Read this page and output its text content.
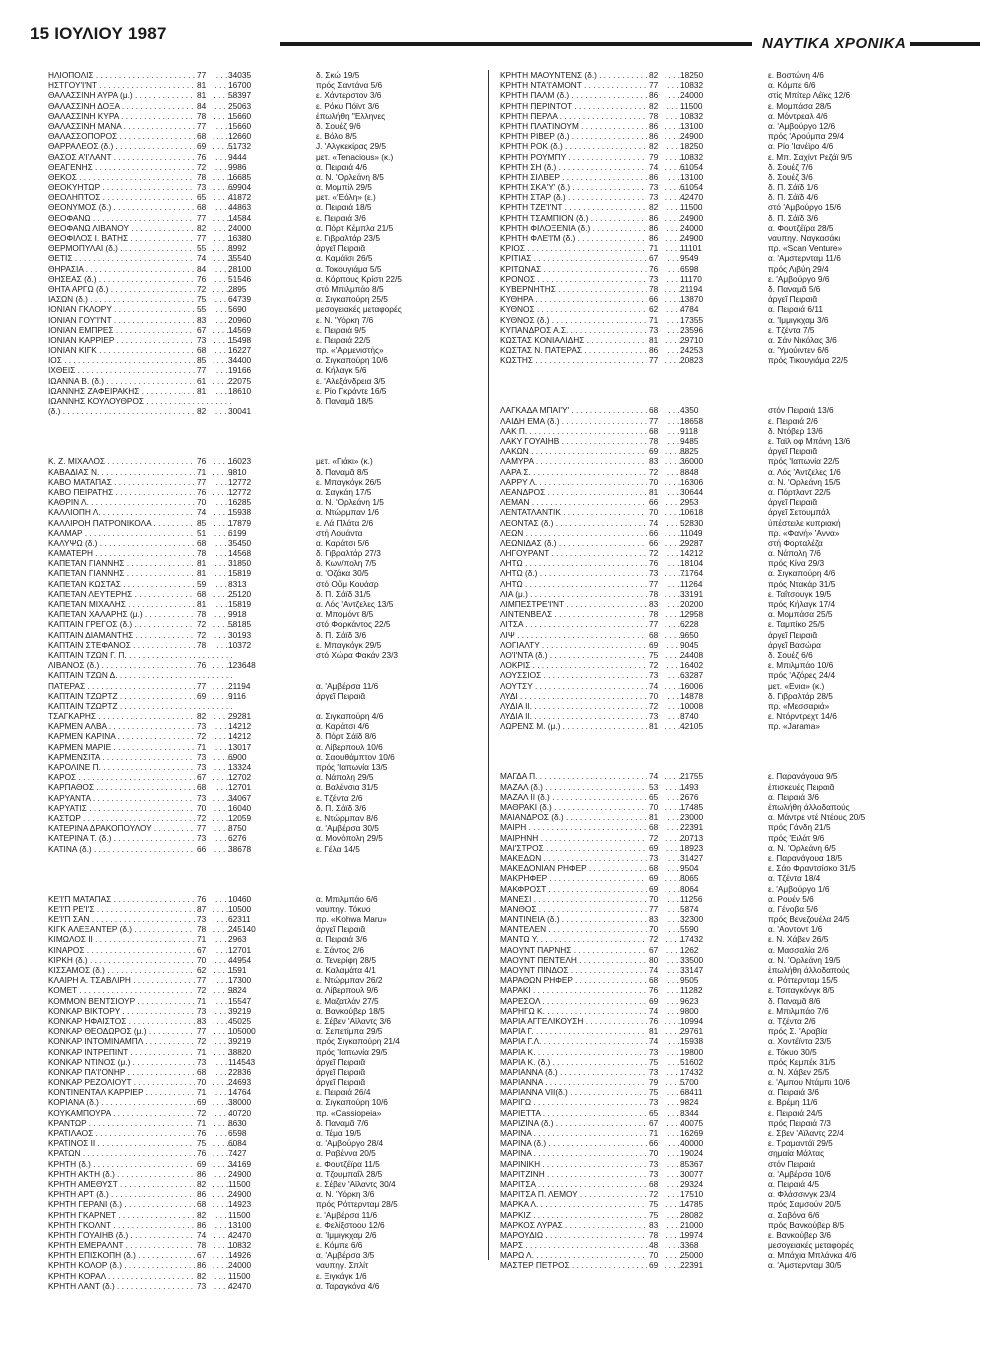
15 ΙΟΥΛΙΟΥ 1987
ΝΑΥΤΙΚΑ ΧΡΟΝΙΚΑ
ΗΛΙΟΠΟΛΙΣ . . .	77	34035	δ. Σκώ 19/5
ΗΣΤΓΟΥ'Ι'ΝΤ . . .	81	16700	πρός Σαντάνα 5/6
ΘΑΛΑΣΣΙΝΗ ΑΥΡΑ (μ.) . . .	81	58397	ε. Χάντερστον 3/6
ΘΑΛΑΣΣΙΝΗ ΔΟΞΑ . . .	84	25063	ε. Ρόκυ Πόϊντ 3/6
ΘΑΛΑΣΣΙΝΗ ΚΥΡΑ . . .	78	15660	ἐπωλήθη "Ελληνες
ΘΑΛΑΣΣΙΝΗ ΜΑΝΑ . . .	77	15660	δ. Σουέζ 9/6
ΘΑΛΑΣΣΟΠΟΡΟΣ . . .	68	12660	ε. Βόλο 8/5
ΘΑΡΡΑΛΕΟΣ (δ.) . . .	69	51732	J. 'Αλγκεκίρας 29/5
ΘΑΣΟΣ Α'Ι'ΛΑΝΤ . . .	76	9444	μετ. «Tenacious» (κ.)
ΘΕΑΓΕΝΗΣ . . .	72	9986	α. Πειραιά 4/6
ΘΕΚΟΣ . . .	78	16685	α. Ν. 'Ορλεάνη 8/5
ΘΕΟΚΥΗΤΩΡ . . .	73	69904	α. Μομπίλ 29/5
ΘΕΟΛΗΠΤΟΣ . . .	65	41872	μετ. «'Εόλη» (ε.)
ΘΕΟΝΥΜΟΣ (δ.) . . .	68	44863	α. Πειραιά 18/5
ΘΕΟΦΑΝΩ . . .	77	14584	ε. Πειραιά 3/6
ΘΕΟΦΑΝΩ ΛΙΒΑΝΟΥ . . .	82	24000	α. Πόρτ Κέμπλα 21/5
ΘΕΟΦΙΛΟΣ Ι. ΒΑΤΗΣ . . .	77	16380	ε. Γιβραλτάρ 23/5
ΘΕΡΜΟΠΥΛΑΙ (δ.) . . .	55	8992	ἀργεῖ Πειραιᾶ
ΘΕΤΙΣ . . .	74	35540	α. Καμάϊσι 26/5
ΘΗΡΑΣΙΑ . . .	84	28100	α. Τοκουγιάμα 5/5
ΘΗΣΕΑΣ (δ.) . . .	76	51546	α. Κόρπους Κρίστι 22/5
ΘΗΤΑ ΑΡΓΩ (δ.) . . .	72	2895	στό Μπιλμπάο 8/5
ΙΑΣΩΝ (δ.) . . .	75	64739	α. Σιγκαπούρη 25/5
ΙΟΝΙΑΝ ΓΚΛΟΡΥ . . .	55	5690	μεσογειακές μεταφορές
ΙΟΝΙΑΝ ΓΟΥ'Ι'ΝΤ . . .	83	20960	ε. Ν. 'Υόρκη 7/6
ΙΟΝΙΑΝ ΕΜΠΡΕΣ . . .	67	14569	ε. Πειραιά 9/5
ΙΟΝΙΑΝ ΚΑΡΡΙΕΡ . . .	73	15498	ε. Πειραιά 22/5
ΙΟΝΙΑΝ ΚΙΓΚ . . .	68	16227	πρ. «'Αρμενιστής»
ΙΟΣ . . .	85	34400	α. Σιγκαπούρη 10/6
ΙΧΘΕΙΣ . . .	77	19166	α. Κήλαγκ 5/6
ΙΩΑΝΝΑ Β. (δ.) . . .	61	22075	ε. 'Αλεξάνδρεια 3/5
ΙΩΑΝΝΗΣ ΖΑΦΕΙΡΑΚΗΣ . . .	81	18610	ε. Ρίο Γκράντε 16/5
ΙΩΑΝΝΗΣ ΚΟΥΛΟΥΘΡΟΣ . . .	δ. Παναμᾶ 18/5
(δ.) . . .	82	30041
Κ. Ζ. ΜΙΧΑΛΟΣ . . .	76	16023	μετ. «Γιάκι» (κ.)
ΚΑΒΑΔΙΑΣ Ν. . . .	71	9810	δ. Παναμᾶ 8/5
ΚΑΒΟ ΜΑΤΑΠΑΣ . . .	77	12772	ε. Μπαγκόγκ 26/5
ΚΑΒΟ ΠΕΙΡΑΤΗΣ . . .	76	12772	α. Σαγκάη 17/5
ΚΑΘΡΙΝ Λ. . . .	70	16285	α. Ν. 'Ορλεάνη 1/5
ΚΑΛΛΙΟΠΗ Λ. . . .	74	15938	α. Ντώρμπαν 1/6
ΚΑΛΛΙΡΟΗ ΠΑΤΡΟΝΙΚΟΛΑ . . .	85	17879	ε. Λά Πλάτα 2/6
ΚΑΛΜΑΡ . . .	51	6199	στή Λουάντα
ΚΑΛΥΨΩ (δ.) . . .	68	35450	α. Καράτσι 5/6
ΚΑΜΑΤΕΡΗ . . .	78	14568	δ. Γιβραλτάρ 27/3
ΚΑΠΕΤΑΝ ΓΙΑΝΝΗΣ . . .	81	31850	δ. Κων/πολη 7/5
ΚΑΠΕΤΑΝ ΓΙΑΝΝΗΣ . . .	81	15819	α. 'Οζάκα 30/5
ΚΑΠΕΤΑΝ ΚΩΣΤΑΣ . . .	59	8313	στό Οὔμ Κουάσρ
ΚΑΠΕΤΑΝ ΛΕΥΤΕΡΗΣ . . .	68	25120	δ. Π. Σάϊδ 31/5
ΚΑΠΕΤΑΝ ΜΙΧΑΛΗΣ . . .	81	15819	α. Λός 'Αντζελες 13/5
ΚΑΠΕΤΑΝ ΧΑΛΑΡΗΣ (μ.) . . .	78	9918	α. Μπομόντ 8/5
ΚΑΠΤΑΙΝ ΓΡΕΓΟΣ (δ.) . . .	72	58185	στό Φορκάντος 22/5
ΚΑΠΤΑΙΝ ΔΙΑΜΑΝΤΗΣ . . .	72	30193	δ. Π. Σάϊδ 3/6
ΚΑΠΤΑΙΝ ΣΤΕΦΑΝΟΣ . . .	78	10372	ε. Μπαγκόγκ 29/5
ΚΑΠΤΑΙΝ ΤΖΩΝ Γ. Π. . . .	στό Χώρα Φακάν 23/3
ΛΙΒΑΝΟΣ (δ.) . . .	76	123648
ΚΑΠΤΑΙΝ ΤΖΩΝ Δ. . . .
ΠΑΤΕΡΑΣ . . .	77	21194	α. 'Αμβέρσα 11/6
ΚΑΠΤΑΙΝ ΤΖΩΡΤΖ . . .	69	9116	ἀργεῖ Πειραιᾶ
ΚΑΠΤΑΙΝ ΤΖΩΡΤΖ . . .
ΤΣΑΓΚΑΡΗΣ . . .	82	29281	α. Σιγκαπούρη 4/6
ΚΑΡΜΕΝ ΑΛΒΑ . . .	73	14212	α. Καράτσι 4/6
ΚΑΡΜΕΝ ΚΑΡΙΝΑ . . .	72	14212	δ. Πόρτ Σάϊδ 8/6
ΚΑΡΜΕΝ ΜΑΡΙΕ . . .	71	13017	α. Λίβερπουλ 10/6
ΚΑΡΜΕΝΣΙΤΑ . . .	73	6900	α. Σαουθάμπτον 10/6
ΚΑΡΟΛΙΝΕ Π. . . .	73	13324	πρός 'Ιαπωνία 13/5
ΚΑΡΟΣ . . .	67	12702	α. Νάπολη 29/5
ΚΑΡΠΑΘΟΣ . . .	68	12701	α. Βαλένσια 31/5
ΚΑΡΥΑΝΤΑ . . .	73	34067	ε. Τζέντα 2/6
ΚΑΡΥΑΤΙΣ . . .	70	16040	δ. Π. Σάϊδ 3/6
ΚΑΣΤΩΡ . . .	72	12059	ε. Ντώρμπαν 8/6
ΚΑΤΕΡΙΝΑ ΔΡΑΚΟΠΟΥΛΟΥ . . .	77	8750	α. 'Αμβέρσα 30/5
ΚΑΤΕΡΙΝΑ Τ. (δ.) . . .	73	6276	α. Μονόπολη 29/5
ΚΑΤΙΝΑ (δ.) . . .	66	38678	ε. Γέλα 14/5
ΚΕ'Ι'Π ΜΑΤΑΠΑΣ . . .	76	10460	α. Μπιλμπάο 6/6
ΚΕ'Ι'Π ΡΕ'Ι'Σ . . .	87	10500	ναυπηγ. Τόκυο
ΚΕ'Ι'Π ΣΑΝ . . .	73	62311	πρ. «Kohwa Maru»
ΚΙΓΚ ΑΛΕΞΑΝΤΕΡ (δ.) . . .	78	245140	ἀργεῖ Πειραιᾶ
ΚΙΜΩΛΟΣ ΙΙ . . .	71	2963	α. Πειραιά 3/6
ΚΙΝΑΡΟΣ . . .	67	12701	ε. Σάντος 2/6
ΚΙΡΚΗ (δ.) . . .	70	44954	α. Τενερίφη 28/5
ΚΙΣΣΑΜΟΣ (δ.) . . .	62	1591	α. Καλαμάτα 4/1
ΚΛΑΙΡΗ Α. ΤΣΑΒΛΙΡΗ . . .	77	17300	ε. Ντώρμπαν 26/2
ΚΟΜΕΤ . . .	72	9824	α. Λίβερπουλ 9/6
ΚΟΜΜΟΝ ΒΕΝΤΣΙΟΥΡ . . .	71	15547	ε. Μαζατλάν 27/5
ΚΟΝΚΑΡ ΒΙΚΤΟΡΥ . . .	73	39219	α. Βανκούβερ 18/5
ΚΟΝΚΑΡ ΗΦΑΙΣΤΟΣ . . .	83	45025	ε. Σέβεν 'Αϊλαντς 3/6
ΚΟΝΚΑΡ ΘΕΟΔΩΡΟΣ (μ.) . . .	77	105000	α. Σεπετίμπα 29/5
ΚΟΝΚΑΡ ΙΝΤΟΜΙΝΑΜΠΛ . . .	72	39219	πρός Σιγκαπούρη 21/4
ΚΟΝΚΑΡ ΙΝΤΡΕΠΙΝΤ . . .	71	38820	πρός 'Ιαπωνία 29/5
ΚΟΝΚΑΡ ΝΤΙΝΟΣ (μ.) . . .	73	114543	ἀργεῖ Πειραιᾶ
ΚΟΝΚΑΡ ΠΑ'Ι'ΟΝΗΡ . . .	68	22836	ἀργεῖ Πειραιᾶ
ΚΟΝΚΑΡ ΡΕΖΟΛΙΟΥΤ . . .	70	24693	ἀργεῖ Πειραιᾶ
ΚΟΝΤΙΝΕΝΤΑΛ ΚΑΡΡΙΕΡ . . .	71	14764	ε. Πειραιά 26/4
ΚΟΡΙΑΝΑ (δ.) . . .	69	38000	α. Σιγκαπούρη 10/6
ΚΟΥΚΑΜΠΟΥΡΑ . . .	72	40720	πρ. «Cassiopeia»
ΚΡΑΝΤΩΡ . . .	71	8630	δ. Παναμᾶ 7/6
ΚΡΑΤΙΛΑΟΣ . . .	76	6598	α. Τέμα 19/5
ΚΡΑΤΙΝΟΣ ΙΙ . . .	75	6084	α. 'Αμβούργο 28/4
ΚΡΑΤΩΝ . . .	76	7427	α. Ραβέννα 20/5
ΚΡΗΤΗ (δ.) . . .	69	34169	ε. Φουτζέϊρα 11/5
ΚΡΗΤΗ ΑΚΤΗ (δ.) . . .	86	24900	α. Τζουμπαΐλ 28/5
ΚΡΗΤΗ ΑΜΕΘΥΣΤ . . .	82	11500	ε. Σέβεν 'Αϊλαντς 30/4
ΚΡΗΤΗ ΑΡΤ (δ.) . . .	86	24900	α. Ν. 'Υόρκη 3/6
ΚΡΗΤΗ ΓΕΡΑΝΙ (δ.) . . .	68	14923	πρός Ρόττερνταμ 28/5
ΚΡΗΤΗ ΓΚΑΡΝΕΤ . . .	82	11500	ε. 'Αμβέρσα 11/6
ΚΡΗΤΗ ΓΚΟΛΝΤ . . .	86	13100	ε. Φελίξστοου 12/6
ΚΡΗΤΗ ΓΟΥΑΙΗΒ (δ.) . . .	74	42470	α. 'Ιμμιγκχαμ 2/6
ΚΡΗΤΗ ΕΜΕΡΑΛΝΤ . . .	78	10832	ε. Κόμπε 6/6
ΚΡΗΤΗ ΕΠΙΣΚΟΠΗ (δ.) . . .	67	14926	α. 'Αμβέρσα 3/5
ΚΡΗΤΗ ΚΟΛΟΡ (δ.) . . .	86	24000	ναυπηγ. Σπλίτ
ΚΡΗΤΗ ΚΟΡΑΛ . . .	82	11500	ε. Ξιγκάγκ 1/6
ΚΡΗΤΗ ΛΑΝΤ (δ.) . . .	73	42470	α. Ταραγκόνα 4/6
ΚΡΗΤΗ ΜΑΟΥΝΤΕΝΣ (δ.) . . .	82	18250	ε. Βοστώνη 4/6
ΚΡΗΤΗ ΝΤΑ'Ι'ΑΜΟΝΤ . . .	77	10832	α. Κόμπε 6/6
ΚΡΗΤΗ ΠΑΛΜ (δ.) . . .	86	24000	στίς Μπίτερ Λέϊκς 12/6
ΚΡΗΤΗ ΠΕΡΙΝΤΟΤ . . .	82	11500	ε. Μομπάσα 28/5
ΚΡΗΤΗ ΠΕΡΛΑ . . .	78	10832	α. Μόντρεαλ 4/6
ΚΡΗΤΗ ΠΛΑΤΙΝΟΥΜ . . .	86	13100	α. 'Αμβούργο 12/6
ΚΡΗΤΗ ΡΙΒΕΡ (δ.) . . .	86	24900	πρός 'Αρούμπα 29/4
ΚΡΗΤΗ ΡΟΚ (δ.) . . .	82	18250	α. Ρίο 'Ιανέϊρο 4/6
ΚΡΗΤΗ ΡΟΥΜΠΥ . . .	79	10832	ε. Μπ. Σαχίντ Ρεζάϊ 9/5
ΚΡΗΤΗ ΣΗ (δ.) . . .	74	61054	δ. Σουέζ 7/6
ΚΡΗΤΗ ΣΙΛΒΕΡ . . .	86	13100	δ. Σουέζ 3/6
ΚΡΗΤΗ ΣΚΑ'Υ' (δ.) . . .	73	61054	δ. Π. Σάϊδ 1/6
ΚΡΗΤΗ ΣΤΑΡ (δ.) . . .	73	42470	δ. Π. Σάϊδ 4/6
ΚΡΗΤΗ ΤΖΕ'Ι'ΝΤ . . .	82	11500	στό 'Αμβούργο 15/6
ΚΡΗΤΗ ΤΣΑΜΠΙΟΝ (δ.) . . .	86	24900	δ. Π. Σάϊδ 3/6
ΚΡΗΤΗ ΦΙΛΟΞΕΝΙΑ (δ.) . . .	86	24000	α. Φουτζέϊρα 28/5
ΚΡΗΤΗ ΦΛΕ'Ι'Μ (δ.) . . .	86	24900	ναυπηγ. Ναγκασάκι
ΚΡΙΟΣ . . .	71	11101	πρ. «Scan Venture»
ΚΡΙΤΙΑΣ . . .	67	9549	α. 'Αμστερνταμ 11/6
ΚΡΙΤΩΝΑΣ . . .	76	6598	πρός Λιβύη 29/4
ΚΡΟΝΟΣ . . .	73	11170	ε. 'Αμβούργο 9/6
ΚΥΒΕΡΝΗΤΗΣ . . .	78	21194	δ. Παναμᾶ 5/6
ΚΥΘΗΡΑ . . .	66	13870	ἀργεῖ Πειραιᾶ
ΚΥΘΝΟΣ . . .	62	4784	α. Πειραιά 6/11
ΚΥΘΝΟΣ (δ.) . . .	71	17355	α. 'Ιμμιγκχαμ 3/6
ΚΥΠΑΝΔΡΟΣ Α.Σ. . . .	73	23596	ε. Τζέντα 7/5
ΚΩΣΤΑΣ ΚΟΝΙΑΛΙΔΗΣ . . .	81	29710	α. Σάν Νικόλας 3/6
ΚΩΣΤΑΣ Ν. ΠΑΤΕΡΑΣ . . .	86	24253	α. 'Υμούιντεν 6/6
ΚΩΣΤΗΣ . . .	77	20823	πρός Τικουγιάμα 22/5
ΛΑΓΚΑΔΑ ΜΠΑΙ'Υ' . . .	68	4350	στόν Πειραιά 13/6
ΛΑΙΔΗ ΕΜΑ (δ.) . . .	77	18658	ε. Πειραιά 2/6
ΛΑΚ Π. . . .	68	9118	δ. Ντόβερ 13/6
ΛΑΚΥ ΓΟΥΑΙΗΒ . . .	78	9485	ε. Ταϊλ οφ Μπάνη 13/6
ΛΑΚΩΝ . . .	69	8825	ἀργεῖ Πειραιᾶ
ΛΑΜΥΡΑ . . .	83	36000	πρός 'Ιαπωνία 22/5
ΛΑΡΑ Σ. . . .	72	8848	α. Λός 'Αντζελες 1/6
ΛΑΡΡΥ Λ. . . .	70	16306	α. Ν. 'Ορλεάνη 15/5
ΛΕΑΝΔΡΟΣ . . .	81	30644	α. Πόρτλαντ 22/5
ΛΕΜΑΝ . . .	66	2953	ἀργεῖ Πειραιᾶ
ΛΕΝΤΑΤΛΑΝΤΙΚ . . .	70	10618	ἀργεῖ Σετουμπάλ
ΛΕΟΝΤΑΣ (δ.) . . .	74	52830	ὑπέστειλε κυπριακή
ΛΕΩΝ . . .	66	11049	πρ. «Φανή» 'Αννα»
ΛΕΩΝΙΔΑΣ (δ.) . . .	66	29287	στή Φορταλέζα
ΛΗΓΟΥΡΑΝΤ . . .	72	14212	α. Νάπολη 7/6
ΛΗΤΩ . . .	76	18104	πρός Κίνα 29/3
ΛΗΤΩ (δ.) . . .	73	71764	α. Σιγκαπούρη 4/6
ΛΗΤΩ . . .	77	11264	πρός Ντακάρ 31/5
ΛΙΑ (μ.) . . .	78	33191	ε. Ταΐτσουγκ 19/5
ΛΙΜΠΕΣΤΡΕ'Ι'ΝΤ . . .	83	20200	πρός Κήλαγκ 17/4
ΛΙΝΤΕΝΒΕΛΣ . . .	78	12958	α. Μομπάσα 25/5
ΛΙΤΣΑ . . .	77	6228	ε. Ταμπίκο 25/5
ΛΙΨ . . .	68	9650	ἀργεῖ Πειραιᾶ
ΛΟΓΙΑΛΤΥ . . .	69	9045	ἀργεῖ Βασώρα
ΛΟ'Ι'ΝΤΑ (δ.) . . .	75	24408	δ. Σουέζ 6/6
ΛΟΚΡΙΣ . . .	72	16402	ε. Μπιλμπάο 10/6
ΛΟΥΣΣΙΟΣ . . .	73	63287	πρός 'Αζόρες 24/4
ΛΟΥΤΣΥ . . .	74	16006	μετ. «Ενια» (κ.)
ΛΥΔΙ . . .	70	14878	δ. Γιβραλτάρ 28/5
ΛΥΔΙΑ ΙΙ. . . .	72	10008	πρ. «Μεσσαριά»
ΛΥΔΙΑ ΙΙ. . . .	73	8740	ε. Ντόρντρεχτ 14/6
ΛΩΡΕΝΣ Μ. (μ.) . . .	81	42105	πρ. «Jarama»
ΜΑΓΔΑ Π. . . .	74	21755	ε. Παρανάγουα 9/5
ΜΑΖΑΛ (δ.) . . .	53	1493	ἐπισκευές Πειραιᾶ
ΜΑΖΑΛ ΙΙ (δ.) . . .	65	2676	α. Πειραιά 3/6
ΜΑΘΡΑΚΙ (δ.) . . .	70	17485	ἐπωλήθη ἀλλοδαπούς
ΜΑΙΑΝΔΡΟΣ (δ.) . . .	81	23000	α. Μάντρε ντέ Ντέους 20/5
ΜΑΙΡΗ . . .	68	22391	πρός Γάνδη 21/5
ΜΑΙΡΗΝΗ . . .	72	20713	πρός 'Ειλάτ 9/6
ΜΑΙ'ΣΤΡΟΣ . . .	69	18923	α. Ν. 'Ορλεάνη 6/5
ΜΑΚΕΔΩΝ . . .	73	31427	ε. Παρανάγουα 18/5
ΜΑΚΕΔΟΝΙΑΝ ΡΗΦΕΡ . . .	68	9504	ε. Σάο Φραντσίσκο 31/5
ΜΑΚΡΗΦΕΡ . . .	69	8065	α. Τζέντα 18/4
ΜΑΚΦΡΟΣΤ . . .	69	8064	ε. 'Αμβούργο 1/6
ΜΑΝΕΣΙ . . .	70	11256	α. Ρουέν 5/6
ΜΑΝΘΟΣ . . .	77	5874	α. Γένοβα 5/6
ΜΑΝΤΙΝΕΙΑ (δ.) . . .	83	32300	πρός Βενεζουέλα 24/5
ΜΑΝΤΕΛΕΝ . . .	70	5590	α. 'Αοντοντ 1/6
ΜΑΝΤΩ Υ. . . .	72	17432	ε. Ν. Χάβεν 26/5
ΜΑΟΥΝΤ ΠΑΡΝΗΣ . . .	67	1262	α. Μασσαλία 2/6
ΜΑΟΥΝΤ ΠΕΝΤΕΛΗ . . .	80	33500	α. Ν. 'Ορλεάνη 19/5
ΜΑΟΥΝΤ ΠΙΝΔΟΣ . . .	74	33147	ἐπωλήθη ἀλλοδαπούς
ΜΑΡΑΘΩΝ ΡΗΦΕΡ . . .	68	9505	α. Ρόττερνταμ 15/5
ΜΑΡΑΚΙ . . .	76	11282	ε. Τσιταγκόνγκ 8/5
ΜΑΡΕΣΟΛ . . .	69	9623	δ. Παναμᾶ 8/6
ΜΑΡΗΓΩ Κ. . . .	74	9800	ε. Μπιλμπάο 7/6
ΜΑΡΙΑ ΑΓΓΕΛΙΚΟΥΣΗ . . .	76	10994	α. Τζέντα 2/6
ΜΑΡΙΑ Γ. . . .	81	29761	πρός Σ. 'Αραβία
ΜΑΡΙΑ Γ.Λ. . . .	74	15938	α. Χοντέϊντα 23/5
ΜΑΡΙΑ Κ. . . .	73	19800	ε. Τόκυο 30/5
ΜΑΡΙΑ Κ. (δ.) . . .	75	51602	πρός Κεμπέκ 31/5
ΜΑΡΙΑΝΝΑ (δ.) . . .	73	17432	α. Ν. Χάβεν 25/5
ΜΑΡΙΑΝΝΑ . . .	79	5700	ε. 'Αμπου Ντάμπι 10/6
ΜΑΡΙΑΝΝΑ VII(δ.) . . .	75	68411	α. Πειραιά 3/6
ΜΑΡΙΓΩ . . .	73	9824	ε. Βρέμη 11/6
ΜΑΡΙΕΤΤΑ . . .	65	8344	ε. Πειραιά 24/5
ΜΑΡΙΖΙΝΑ (δ.) . . .	67	40075	πρός Πειραιά 7/3
ΜΑΡΙΝΑ . . .	71	16269	ε. Σβεν 'Αϊλαντς 22/4
ΜΑΡΙΝΑ (δ.) . . .	66	40000	ε. Τραμαντάϊ 29/5
ΜΑΡΙΝΑ . . .	70	19024	σημαία Μάλτας
ΜΑΡΙΝΙΚΗ . . .	73	85367	στόν Πειραιά
ΜΑΡΙΤΖΙΝΗ . . .	73	30077	α. 'Αμβέρσα 10/6
ΜΑΡΙΤΣΑ . . .	68	29324	α. Πειραιά 4/5
ΜΑΡΙΤΣΑ Π. ΛΕΜΟΥ . . .	72	17510	α. Φλάσσινγκ 23/4
ΜΑΡΚΑ Λ. . . .	75	14785	πρός Σαμσούν 20/5
ΜΑΡΚΙΖ . . .	75	28082	α. Σαβόνα 6/6
ΜΑΡΚΟΣ ΛΥΡΑΣ . . .	83	21000	πρός Βανκούβερ 8/5
ΜΑΡΟΥΔΙΩ . . .	78	19974	ε. Βανκούβερ 3/6
ΜΑΡΣ . . .	48	3368	μεσογειακές μεταφορές
ΜΑΡΩ Λ. . . .	70	25000	α. Μπάχια Μπλάνκα 4/6
ΜΑΣΤΕΡ ΠΕΤΡΟΣ . . .	69	22391	α. 'Αμστερνταμ 30/5
